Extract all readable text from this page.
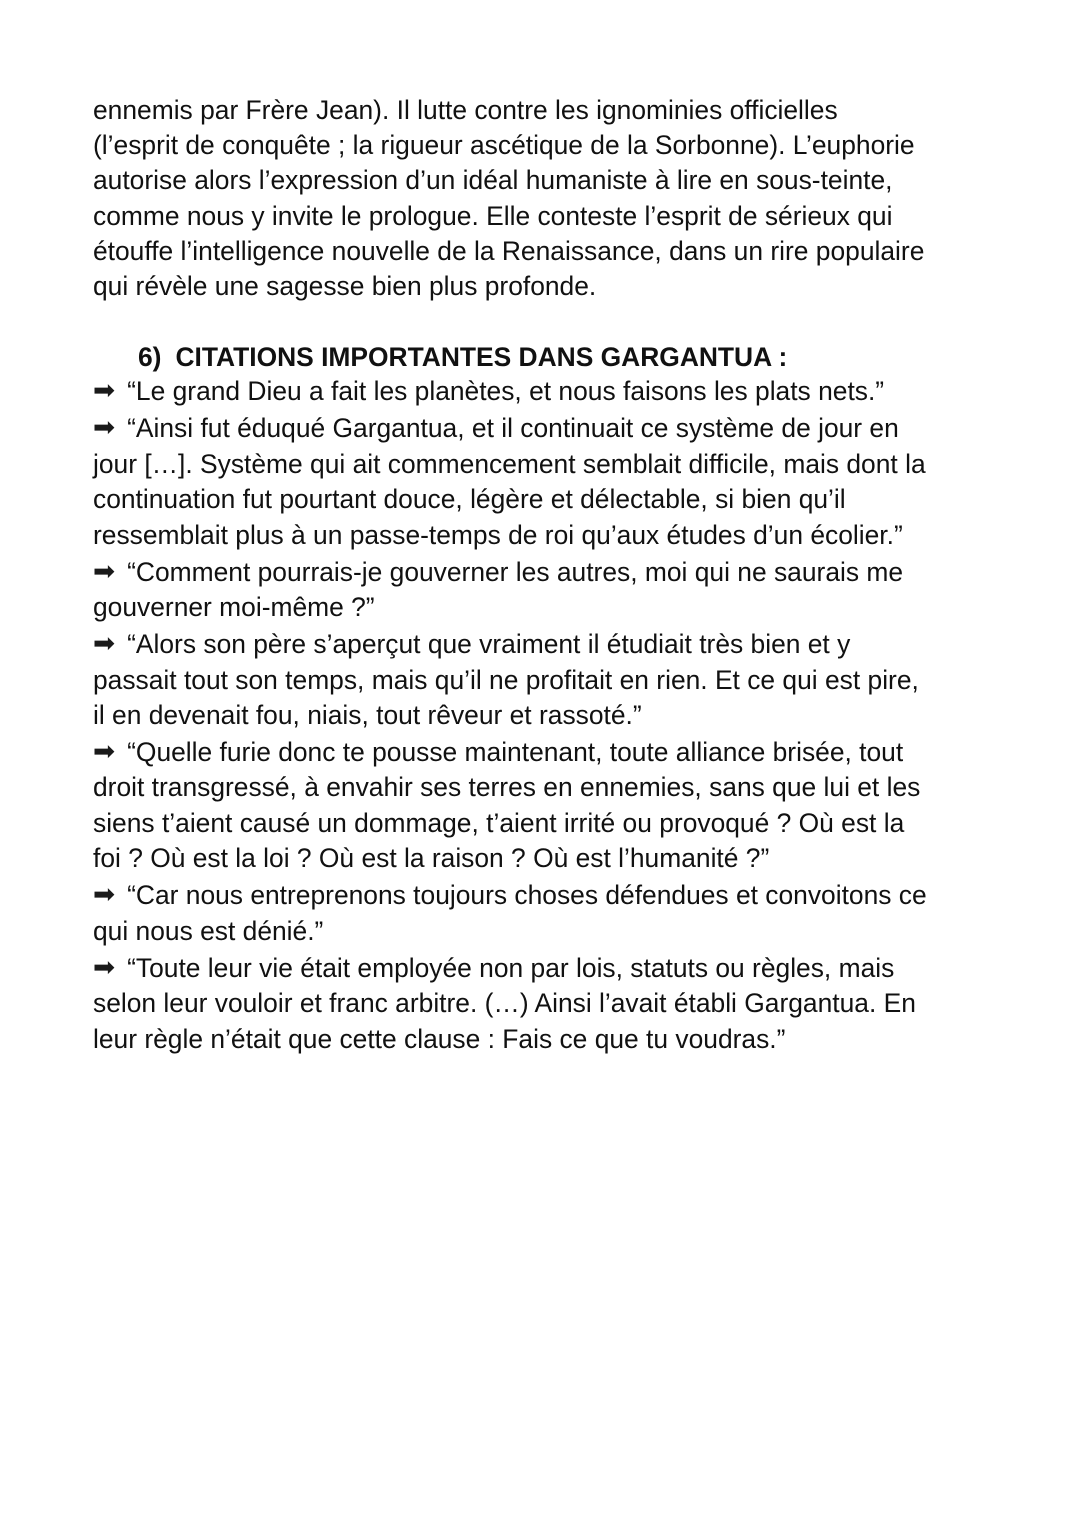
ennemis par Frère Jean). Il lutte contre les ignominies officielles

(l’esprit de conquête ; la rigueur ascétique de la Sorbonne). L’euphorie

autorise alors l’expression d’un idéal humaniste à lire en sous-teinte,

comme nous y invite le prologue. Elle conteste l’esprit de sérieux qui

étouffe l’intelligence nouvelle de la Renaissance, dans un rire populaire

qui révèle une sagesse bien plus profonde.

6) CITATIONS IMPORTANTES DANS GARGANTUA :

➡ “Le grand Dieu a fait les planètes, et nous faisons les plats nets.”

➡ “Ainsi fut éduqué Gargantua, et il continuait ce système de jour en

jour […]. Système qui ait commencement semblait difficile, mais dont la

continuation fut pourtant douce, légère et délectable, si bien qu’il

ressemblait plus à un passe-temps de roi qu’aux études d’un écolier.”

➡ “Comment pourrais-je gouverner les autres, moi qui ne saurais me

gouverner moi-même ?”

➡ “Alors son père s’aperçut que vraiment il étudiait très bien et y

passait tout son temps, mais qu’il ne profitait en rien. Et ce qui est pire,

il en devenait fou, niais, tout rêveur et rassoté.”

➡ “Quelle furie donc te pousse maintenant, toute alliance brisée, tout

droit transgressé, à envahir ses terres en ennemies, sans que lui et les

siens t’aient causé un dommage, t’aient irrité ou provoqué ? Où est la

foi ? Où est la loi ? Où est la raison ? Où est l’humanité ?”

➡ “Car nous entreprenons toujours choses défendues et convoitons ce

qui nous est dénié.”

➡ “Toute leur vie était employée non par lois, statuts ou règles, mais

selon leur vouloir et franc arbitre. (…) Ainsi l’avait établi Gargantua. En

leur règle n’était que cette clause : Fais ce que tu voudras.”
